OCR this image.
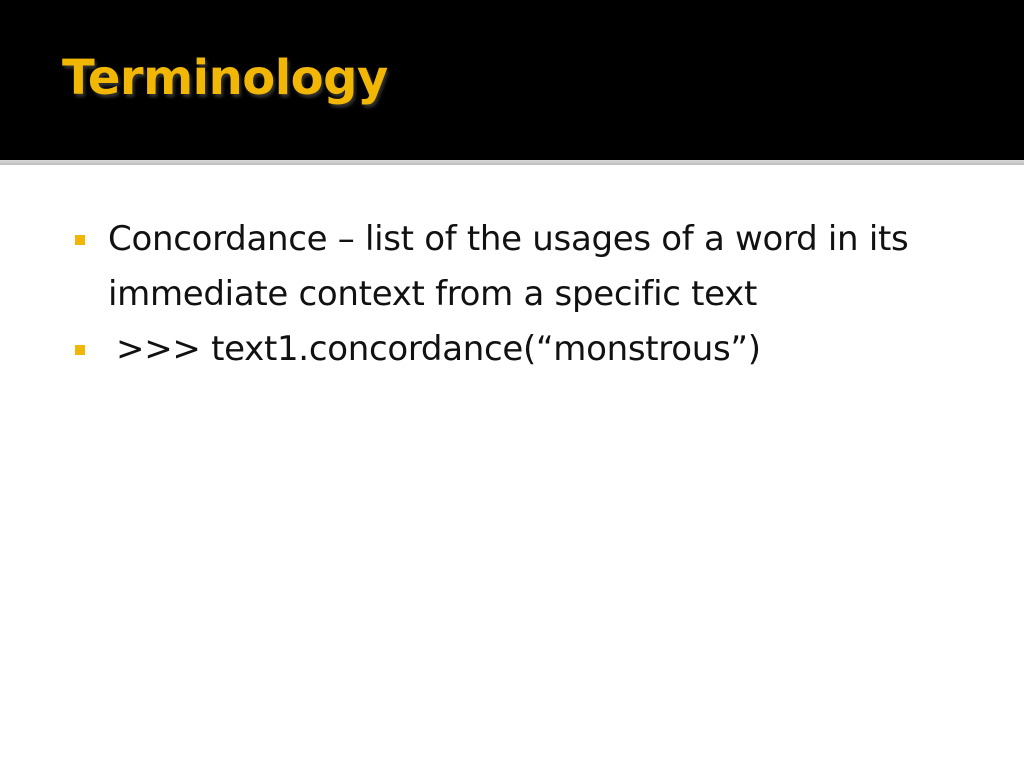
Terminology
Concordance – list of the usages of a word in its immediate context from a specific text
>>> text1.concordance(“monstrous”)
